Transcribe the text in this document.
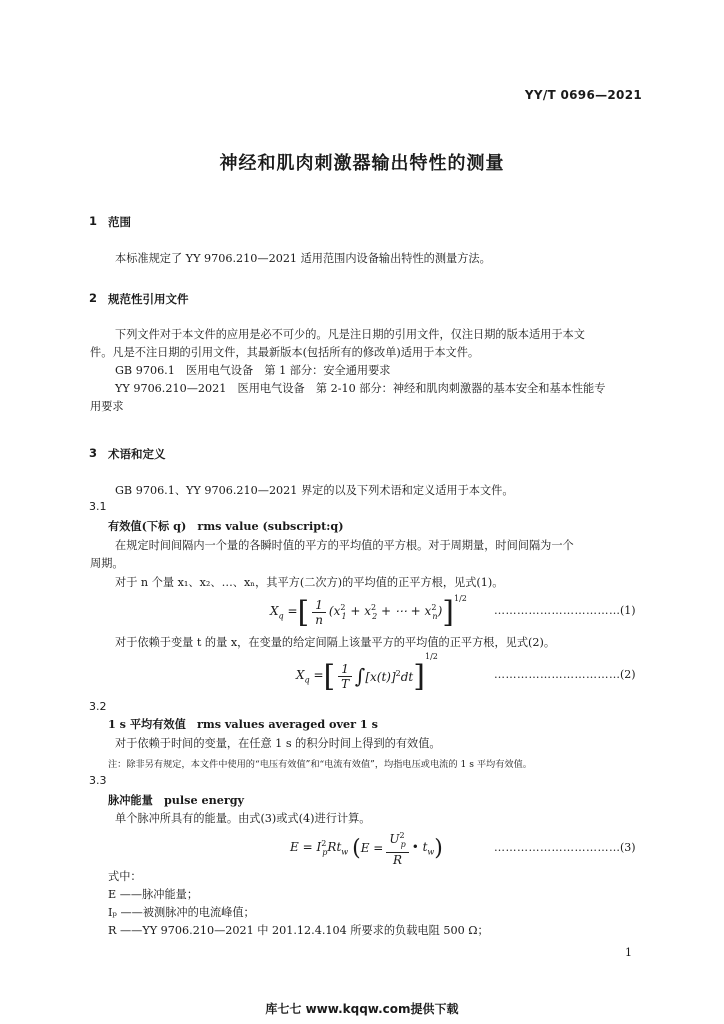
YY/T 0696—2021
神经和肌肉刺激器输出特性的测量
1 范围
本标准规定了 YY 9706.210—2021 适用范围内设备输出特性的测量方法。
2 规范性引用文件
下列文件对于本文件的应用是必不可少的。凡是注日期的引用文件，仅注日期的版本适用于本文
件。凡是不注日期的引用文件，其最新版本(包括所有的修改单)适用于本文件。
GB 9706.1　医用电气设备　第 1 部分：安全通用要求
YY 9706.210—2021　医用电气设备　第 2-10 部分：神经和肌肉刺激器的基本安全和基本性能专
用要求
3 术语和定义
GB 9706.1、YY 9706.210—2021 界定的以及下列术语和定义适用于本文件。
3.1
有效值(下标 q)　rms value (subscript:q)
在规定时间间隔内一个量的各瞬时值的平方的平均值的平方根。对于周期量，时间间隔为一个
周期。
对于 n 个量 x₁、x₂、…、xₙ，其平方(二次方)的平均值的正平方根，见式(1)。
$X_q$ = [ $\frac{1}{n} (x^2_1 + x^2_2$ + ⋯ + $x^2_n$) ] 1/2
…………………………… (1)
对于依赖于变量 t 的量 x，在变量的给定间隔上该量平方的平均值的正平方根，见式(2)。
$X_q$ = [ $\frac{1}{T}$ ∫ $[x(t)]^2dt$ ]
1/2
…………………………… (2)
3.2
1 s 平均有效值　rms values averaged over 1 s
对于依赖于时间的变量，在任意 1 s 的积分时间上得到的有效值。
注：除非另有规定，本文件中使用的“电压有效值”和“电流有效值”，均指电压或电流的 1 s 平均有效值。
3.3
脉冲能量　pulse energy
单个脉冲所具有的能量。由式(3)或式(4)进行计算。
$E = I^2_pRt_w$ ( $E = \frac{U^2_p}{R}$ • $t_w$ )	…………………………… (3)
式中：
E ——脉冲能量；
Iₚ ——被测脉冲的电流峰值；
R ——YY 9706.210—2021 中 201.12.4.104 所要求的负载电阻 500 Ω；
1
库七七 www.kqqw.com提供下载
